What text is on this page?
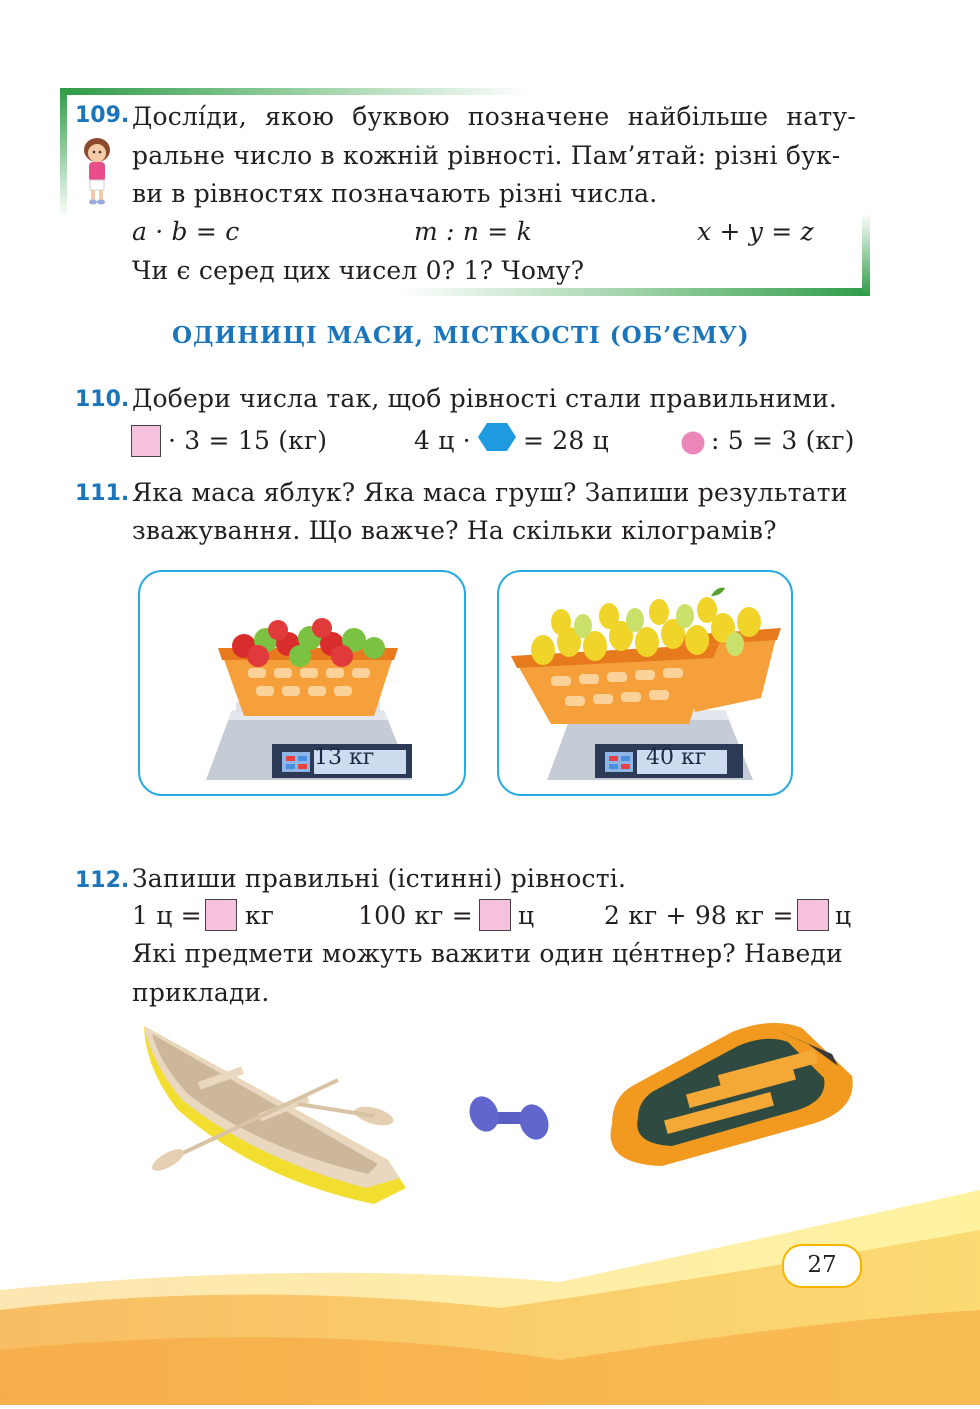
109. Дослíди, якою буквою позначене найбільше нату-
ральне число в кожній рівності. Пам’ятай: різні бук-
ви в рівностях позначають різні числа.
a · b = c	m : n = k	x + y = z
Чи є серед цих чисел 0? 1? Чому?
ОДИНИЦІ МАСИ, МІСТКОСТІ (ОБ’ЄМУ)
110. Добери числа так, щоб рівності стали правильними.
· 3 = 15 (кг)	4 ц · = 28 ц	: 5 = 3 (кг)
111. Яка маса яблук? Яка маса груш? Запиши результати
зважування. Що важче? На скільки кілограмів?
13 кг	40 кг
112. Запиши правильні (істинні) рівності.
1 ц = кг	100 кг = ц	2 кг + 98 кг = ц
Які предмети можуть важити один цéнтнер? Наведи
приклади.
27
